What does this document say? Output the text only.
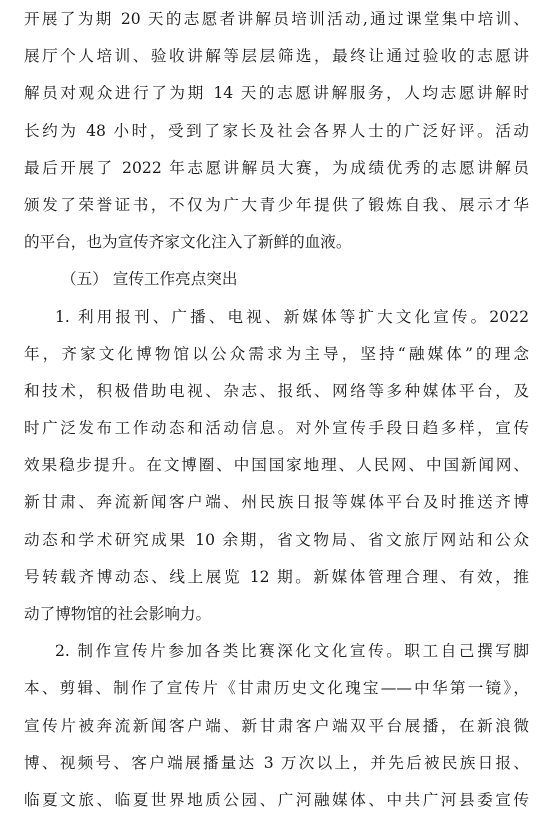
开展了为期 20 天的志愿者讲解员培训活动,通过课堂集中培训、
展厅个人培训、验收讲解等层层筛选，最终让通过验收的志愿讲
解员对观众进行了为期 14 天的志愿讲解服务，人均志愿讲解时
长约为 48 小时，受到了家长及社会各界人士的广泛好评。活动
最后开展了 2022 年志愿讲解员大赛，为成绩优秀的志愿讲解员
颁发了荣誉证书，不仅为广大青少年提供了锻炼自我、展示才华
的平台，也为宣传齐家文化注入了新鲜的血液。
（五） 宣传工作亮点突出
1. 利用报刊、广播、电视、新媒体等扩大文化宣传。2022
年，齐家文化博物馆以公众需求为主导，坚持“融媒体”的理念
和技术，积极借助电视、杂志、报纸、网络等多种媒体平台，及
时广泛发布工作动态和活动信息。对外宣传手段日趋多样，宣传
效果稳步提升。在文博圈、中国国家地理、人民网、中国新闻网、
新甘肃、奔流新闻客户端、州民族日报等媒体平台及时推送齐博
动态和学术研究成果 10 余期，省文物局、省文旅厅网站和公众
号转载齐博动态、线上展览 12 期。新媒体管理合理、有效，推
动了博物馆的社会影响力。
2. 制作宣传片参加各类比赛深化文化宣传。职工自己撰写脚
本、剪辑、制作了宣传片《甘肃历史文化瑰宝——中华第一镜》，
宣传片被奔流新闻客户端、新甘肃客户端双平台展播，在新浪微
博、视频号、客户端展播量达 3 万次以上，并先后被民族日报、
临夏文旅、临夏世界地质公园、广河融媒体、中共广河县委宣传
